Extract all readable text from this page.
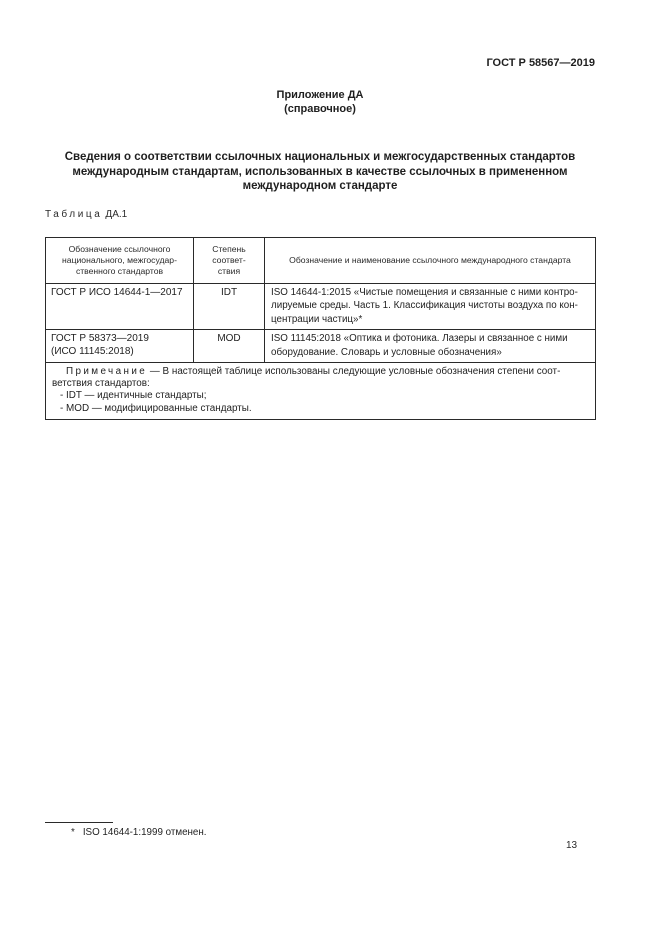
ГОСТ Р 58567—2019
Приложение ДА
(справочное)
Сведения о соответствии ссылочных национальных и межгосударственных стандартов
международным стандартам, использованных в качестве ссылочных в примененном
международном стандарте
Таблица ДА.1
Обозначение ссылочного
национального, межгосудар-
ственного стандартов	Степень
соответ-
ствия	Обозначение и наименование ссылочного международного стандарта

ГОСТ Р ИСО 14644-1—2017	IDT	ISO 14644-1:2015 «Чистые помещения и связанные с ними контро-
лируемые среды. Часть 1. Классификация чистоты воздуха по кон-
центрации частиц»*

ГОСТ Р 58373—2019
(ИСО 11145:2018)	MOD	ISO 11145:2018 «Оптика и фотоника. Лазеры и связанное с ними
оборудование. Словарь и условные обозначения»

Примечание — В настоящей таблице использованы следующие условные обозначения степени соот-
ветствия стандартов:
- IDT — идентичные стандарты;
- MOD — модифицированные стандарты.		
* ISO 14644-1:1999 отменен.
13
